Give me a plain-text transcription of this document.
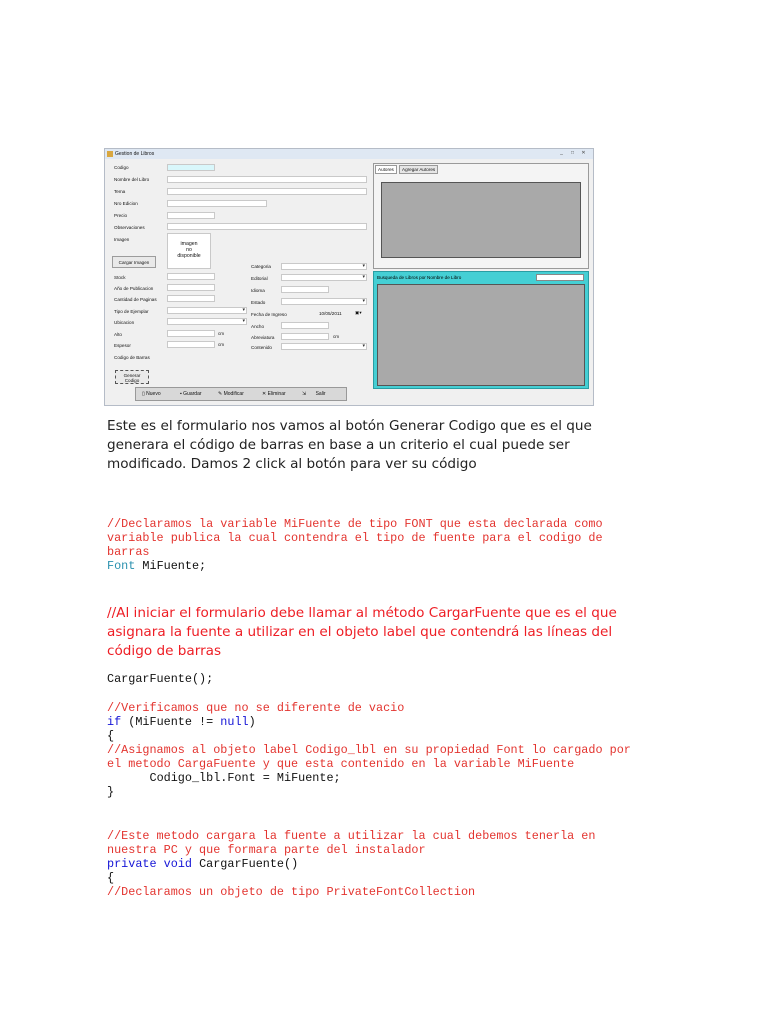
Gestion de Libros	_	□	✕
Codigo
Nombre del Libro
Tema
Nro Edicion
Precio
Observaciones
Imagen
imagen
no
disponible
Cargar Imagen
Stock
Año de Publicacion
Cantidad de Paginas
Tipo de Ejemplar
▾
Ubicacion
▾
Alto	cm
Espesor	cm
Codigo de Barras
Generar
Codigo
Categoria
▾
Editorial
▾
Idioma
Estado
▾
Fecha de Ingreso	10/05/2011	▣▾
Ancho
Abreviatura	cm
Contenido
▾
Autores	Agregar Autores
Busqueda de Libros por Nombre de Libro
▯ Nuevo	▪ Guardar	✎ Modificar	✕ Eliminar	⇲ Salir
Este es el formulario nos vamos al botón Generar Codigo que es el que generara el código de barras en base a un criterio el cual puede ser modificado. Damos 2 click al botón para ver su código
//Declaramos la variable MiFuente de tipo FONT que esta declarada como variable publica la cual contendra el tipo de fuente para el codigo de barras
Font MiFuente;
//Al iniciar el formulario debe llamar al método CargarFuente que es el que asignara la fuente a utilizar en el objeto label que contendrá las líneas del código de barras
CargarFuente();
//Verificamos que no se diferente de vacio
if (MiFuente != null)
{
//Asignamos al objeto label Codigo_lbl en su propiedad Font lo cargado por el metodo CargaFuente y que esta contenido en la variable MiFuente
Codigo_lbl.Font = MiFuente;
}
//Este metodo cargara la fuente a utilizar la cual debemos tenerla en nuestra PC y que formara parte del instalador
private void CargarFuente()
{
//Declaramos un objeto de tipo PrivateFontCollection
